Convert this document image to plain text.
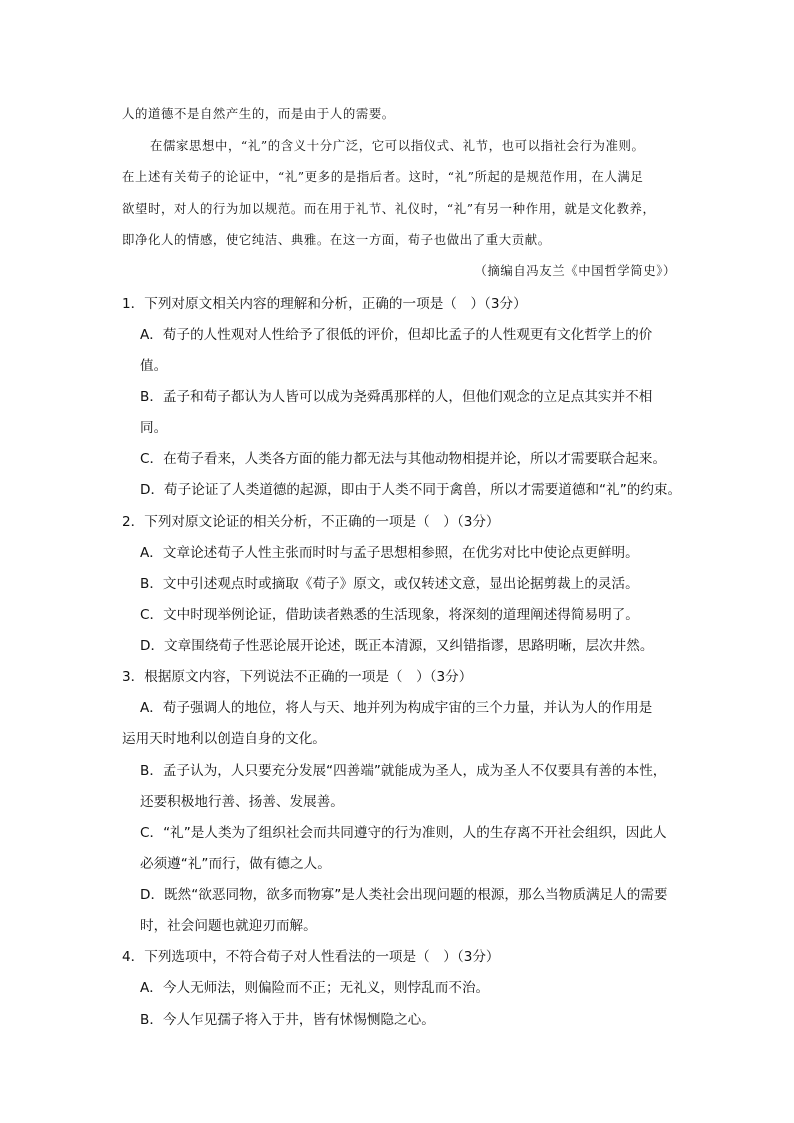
人的道德不是自然产生的，而是由于人的需要。
在儒家思想中，“礼”的含义十分广泛，它可以指仪式、礼节，也可以指社会行为准则。
在上述有关荀子的论证中，“礼”更多的是指后者。这时，“礼”所起的是规范作用，在人满足
欲望时，对人的行为加以规范。而在用于礼节、礼仪时，“礼”有另一种作用，就是文化教养，
即净化人的情感，使它纯洁、典雅。在这一方面，荀子也做出了重大贡献。
（摘编自冯友兰《中国哲学简史》）
1．下列对原文相关内容的理解和分析，正确的一项是（　）（3分）
A．荀子的人性观对人性给予了很低的评价，但却比孟子的人性观更有文化哲学上的价
值。
B．孟子和荀子都认为人皆可以成为尧舜禹那样的人，但他们观念的立足点其实并不相
同。
C．在荀子看来，人类各方面的能力都无法与其他动物相提并论，所以才需要联合起来。
D．荀子论证了人类道德的起源，即由于人类不同于禽兽，所以才需要道德和“礼”的约束。
2．下列对原文论证的相关分析，不正确的一项是（　）（3分）
A．文章论述荀子人性主张而时时与孟子思想相参照，在优劣对比中使论点更鲜明。
B．文中引述观点时或摘取《荀子》原文，或仅转述文意，显出论据剪裁上的灵活。
C．文中时现举例论证，借助读者熟悉的生活现象，将深刻的道理阐述得简易明了。
D．文章围绕荀子性恶论展开论述，既正本清源，又纠错指谬，思路明晰，层次井然。
3．根据原文内容，下列说法不正确的一项是（　）（3分）
A．荀子强调人的地位，将人与天、地并列为构成宇宙的三个力量，并认为人的作用是
运用天时地利以创造自身的文化。
B．孟子认为，人只要充分发展“四善端”就能成为圣人，成为圣人不仅要具有善的本性，
还要积极地行善、扬善、发展善。
C．“礼”是人类为了组织社会而共同遵守的行为准则，人的生存离不开社会组织，因此人
必须遵“礼”而行，做有德之人。
D．既然“欲恶同物，欲多而物寡”是人类社会出现问题的根源，那么当物质满足人的需要
时，社会问题也就迎刃而解。
4．下列选项中，不符合荀子对人性看法的一项是（　）（3分）
A．今人无师法，则偏险而不正；无礼义，则悖乱而不治。
B．今人乍见孺子将入于井，皆有怵惕恻隐之心。
